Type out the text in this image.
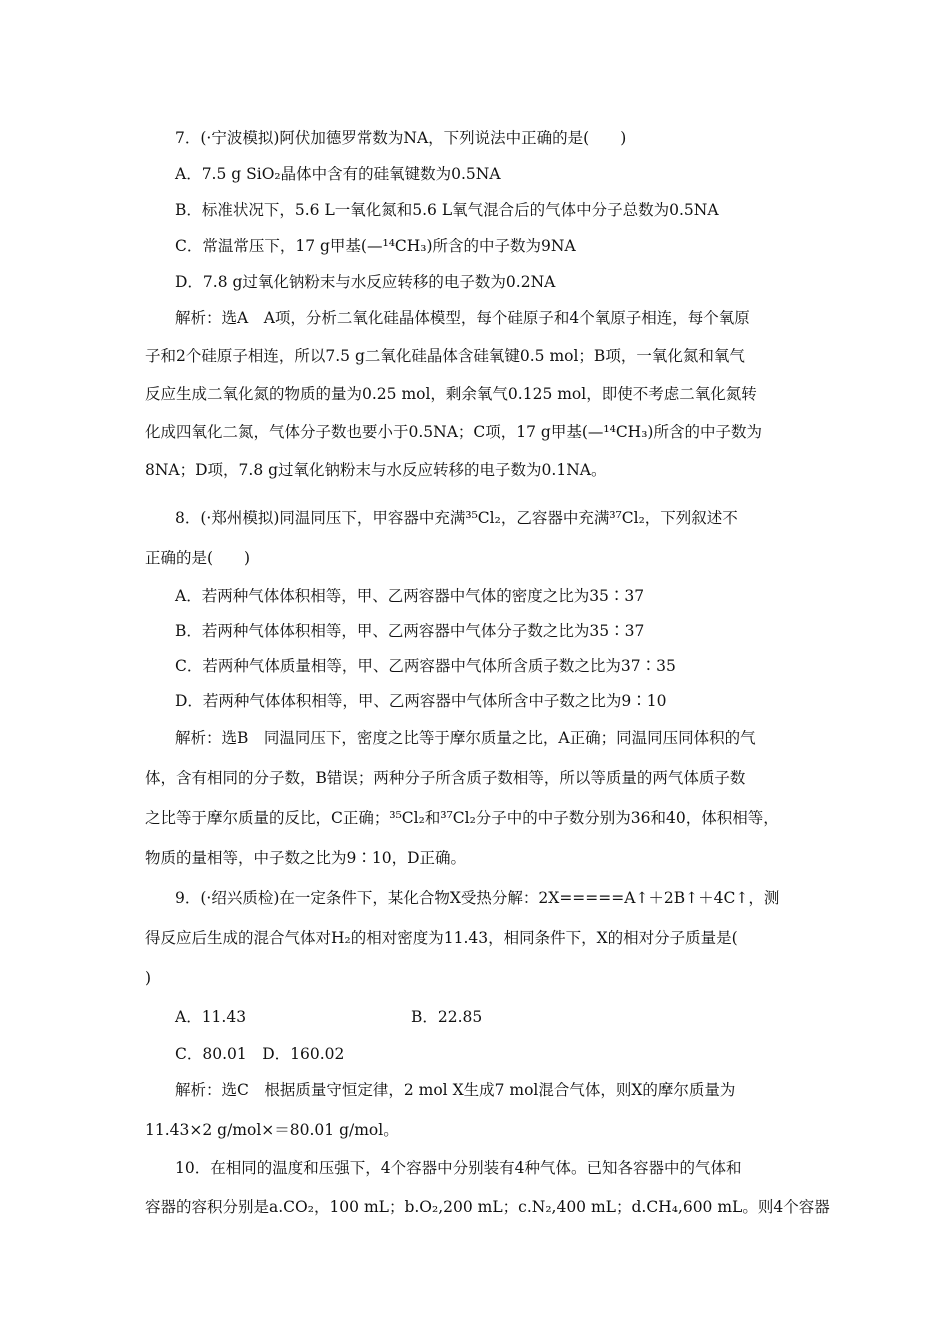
7．(·宁波模拟)阿伏加德罗常数为NA，下列说法中正确的是(　　)
A．7.5 g SiO₂晶体中含有的硅氧键数为0.5NA
B．标准状况下，5.6 L一氧化氮和5.6 L氧气混合后的气体中分子总数为0.5NA
C．常温常压下，17 g甲基(—¹⁴CH₃)所含的中子数为9NA
D．7.8 g过氧化钠粉末与水反应转移的电子数为0.2NA
解析：选A　A项，分析二氧化硅晶体模型，每个硅原子和4个氧原子相连，每个氧原
子和2个硅原子相连，所以7.5 g二氧化硅晶体含硅氧键0.5 mol；B项，一氧化氮和氧气
反应生成二氧化氮的物质的量为0.25 mol，剩余氧气0.125 mol，即使不考虑二氧化氮转
化成四氧化二氮，气体分子数也要小于0.5NA；C项，17 g甲基(—¹⁴CH₃)所含的中子数为
8NA；D项，7.8 g过氧化钠粉末与水反应转移的电子数为0.1NA。
8．(·郑州模拟)同温同压下，甲容器中充满³⁵Cl₂，乙容器中充满³⁷Cl₂，下列叙述不
正确的是(　　)
A．若两种气体体积相等，甲、乙两容器中气体的密度之比为35∶37
B．若两种气体体积相等，甲、乙两容器中气体分子数之比为35∶37
C．若两种气体质量相等，甲、乙两容器中气体所含质子数之比为37∶35
D．若两种气体体积相等，甲、乙两容器中气体所含中子数之比为9∶10
解析：选B　同温同压下，密度之比等于摩尔质量之比，A正确；同温同压同体积的气
体，含有相同的分子数，B错误；两种分子所含质子数相等，所以等质量的两气体质子数
之比等于摩尔质量的反比，C正确；³⁵Cl₂和³⁷Cl₂分子中的中子数分别为36和40，体积相等，
物质的量相等，中子数之比为9∶10，D正确。
9．(·绍兴质检)在一定条件下，某化合物X受热分解：2X=====A↑＋2B↑＋4C↑，测
得反应后生成的混合气体对H₂的相对密度为11.43，相同条件下，X的相对分子质量是(
)
A．11.43	B．22.85
C．80.01　D．160.02
解析：选C　根据质量守恒定律，2 mol X生成7 mol混合气体，则X的摩尔质量为
11.43×2 g/mol×＝80.01 g/mol。
10．在相同的温度和压强下，4个容器中分别装有4种气体。已知各容器中的气体和
容器的容积分别是a.CO₂，100 mL；b.O₂,200 mL；c.N₂,400 mL；d.CH₄,600 mL。则4个容器
